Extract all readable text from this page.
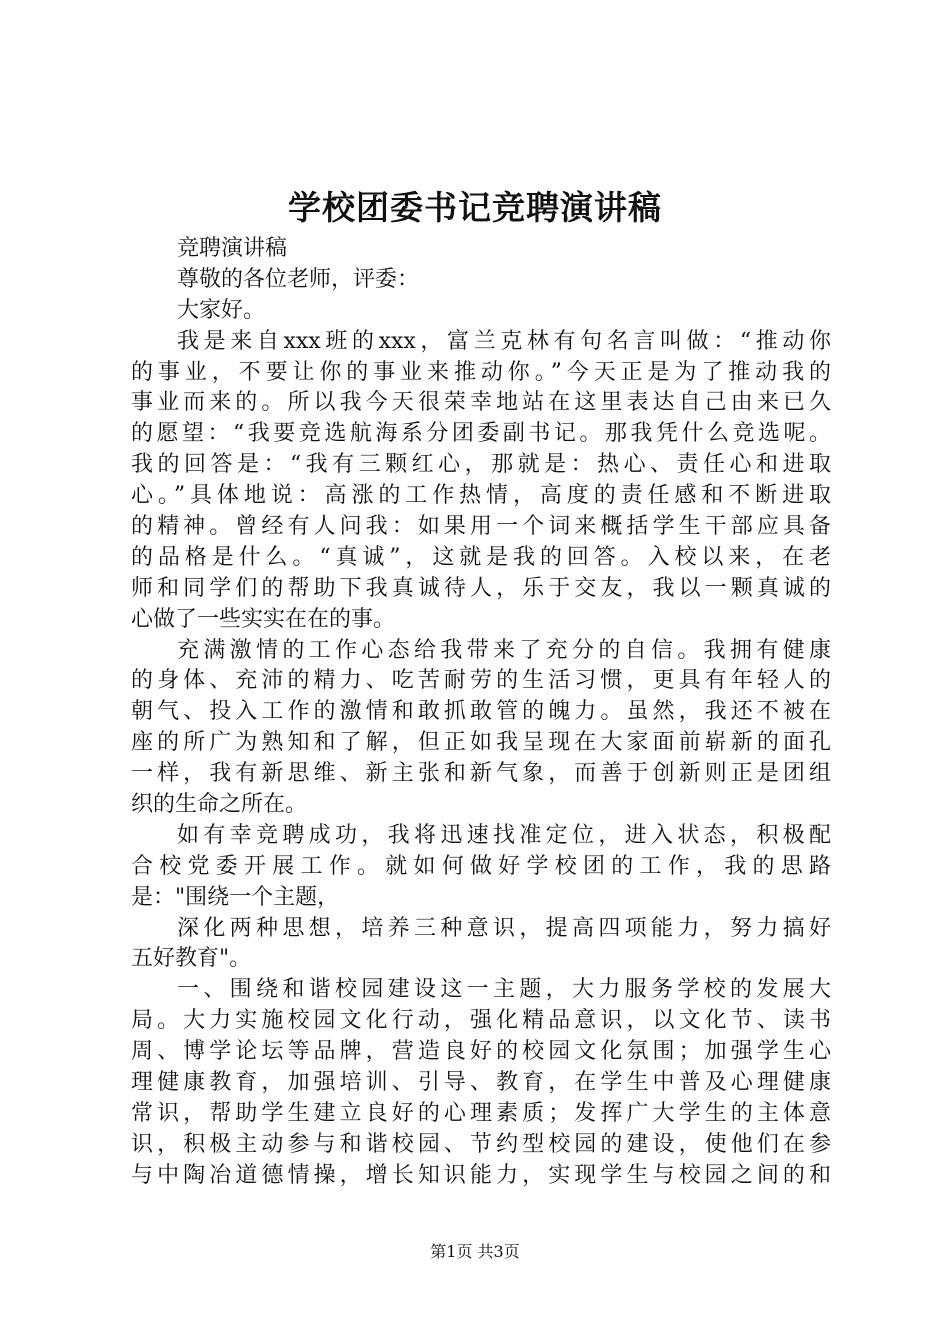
学校团委书记竞聘演讲稿
竞聘演讲稿
尊敬的各位老师，评委：
大家好。
我是来自xxx班的xxx，富兰克林有句名言叫做：“推动你
的事业，不要让你的事业来推动你。”今天正是为了推动我的
事业而来的。所以我今天很荣幸地站在这里表达自己由来已久
的愿望：“我要竞选航海系分团委副书记。那我凭什么竞选呢。
我的回答是：“我有三颗红心，那就是：热心、责任心和进取
心。”具体地说：高涨的工作热情，高度的责任感和不断进取
的精神。曾经有人问我：如果用一个词来概括学生干部应具备
的品格是什么。“真诚”，这就是我的回答。入校以来，在老
师和同学们的帮助下我真诚待人，乐于交友，我以一颗真诚的
心做了一些实实在在的事。
充满激情的工作心态给我带来了充分的自信。我拥有健康
的身体、充沛的精力、吃苦耐劳的生活习惯，更具有年轻人的
朝气、投入工作的激情和敢抓敢管的魄力。虽然，我还不被在
座的所广为熟知和了解，但正如我呈现在大家面前崭新的面孔
一样，我有新思维、新主张和新气象，而善于创新则正是团组
织的生命之所在。
如有幸竞聘成功，我将迅速找准定位，进入状态，积极配
合校党委开展工作。就如何做好学校团的工作，我的思路
是："围绕一个主题，
深化两种思想，培养三种意识，提高四项能力，努力搞好
五好教育"。
一、围绕和谐校园建设这一主题，大力服务学校的发展大
局。大力实施校园文化行动，强化精品意识，以文化节、读书
周、博学论坛等品牌，营造良好的校园文化氛围；加强学生心
理健康教育，加强培训、引导、教育，在学生中普及心理健康
常识，帮助学生建立良好的心理素质；发挥广大学生的主体意
识，积极主动参与和谐校园、节约型校园的建设，使他们在参
与中陶冶道德情操，增长知识能力，实现学生与校园之间的和
第1页 共3页
